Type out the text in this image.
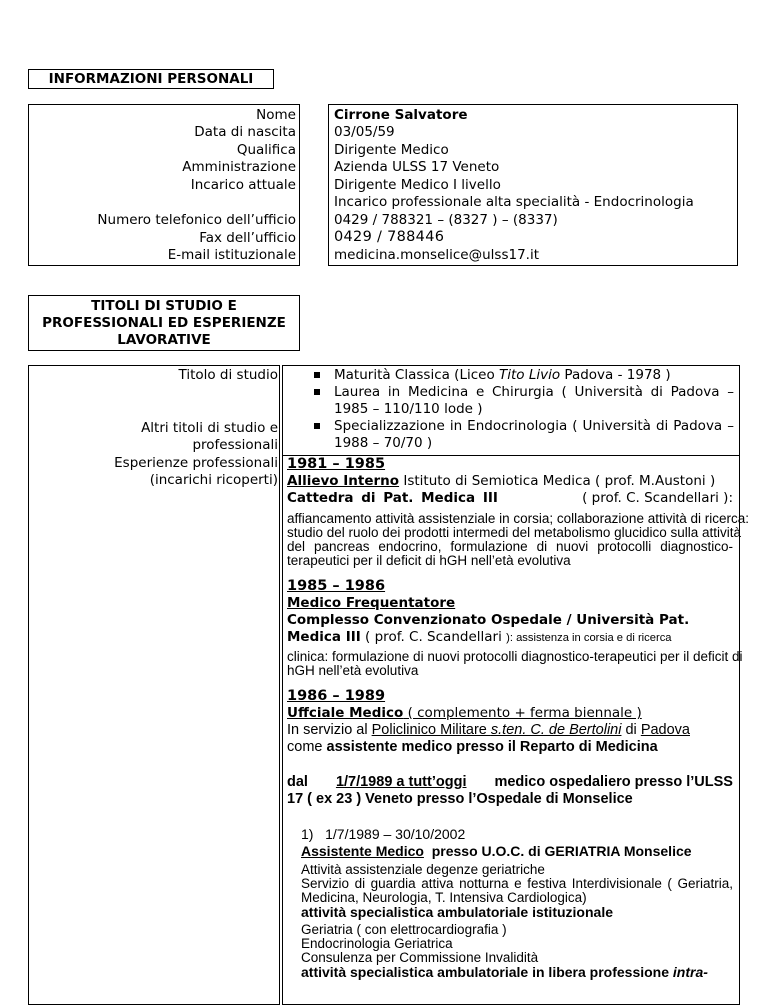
INFORMAZIONI PERSONALI
Nome
Data di nascita
Qualifica
Amministrazione
Incarico attuale
Numero telefonico dell’ufficio
Fax dell’ufficio
E-mail istituzionale
Cirrone Salvatore
03/05/59
Dirigente Medico
Azienda ULSS 17 Veneto
Dirigente Medico I livello
Incarico professionale alta specialità - Endocrinologia
0429 / 788321 – (8327 ) – (8337)
0429 / 788446
medicina.monselice@ulss17.it
TITOLI DI STUDIO E
PROFESSIONALI ED ESPERIENZE
LAVORATIVE
Titolo di studio
Altri titoli di studio e
professionali
Esperienze professionali
(incarichi ricoperti)
Maturità Classica (Liceo Tito Livio Padova - 1978 )
Laurea in Medicina e Chirurgia ( Università di Padova –
1985 – 110/110 lode )
Specializzazione in Endocrinologia ( Università di Padova –
1988 – 70/70 )
1981 – 1985
Allievo Interno Istituto di Semiotica Medica ( prof. M.Austoni )
Cattedra di Pat. Medica III	( prof. C. Scandellari ):
affiancamento attività assistenziale in corsia; collaborazione attività di ricerca:
studio del ruolo dei prodotti intermedi del metabolismo glucidico sulla attività
del pancreas endocrino, formulazione di nuovi protocolli diagnostico-
terapeutici per il deficit di hGH nell’età evolutiva
1985 – 1986
Medico Frequentatore
Complesso Convenzionato Ospedale / Università Pat.
Medica III ( prof. C. Scandellari ): assistenza in corsia e di ricerca
clinica: formulazione di nuovi protocolli diagnostico-terapeutici per il deficit di
hGH nell’età evolutiva
1986 – 1989
Uffciale Medico ( complemento + ferma biennale )
In servizio al Policlinico Militare s.ten. C. de Bertolini di Padova
come assistente medico presso il Reparto di Medicina
dal 1/7/1989 a tutt’oggi medico ospedaliero presso l’ULSS
17 ( ex 23 ) Veneto presso l’Ospedale di Monselice
1)   1/7/1989 – 30/10/2002
Assistente Medico  presso U.O.C. di GERIATRIA Monselice
Attività assistenziale degenze geriatriche
Servizio di guardia attiva notturna e festiva Interdivisionale ( Geriatria,
Medicina, Neurologia, T. Intensiva Cardiologica)
attività specialistica ambulatoriale istituzionale
Geriatria ( con elettrocardiografia )
Endocrinologia Geriatrica
Consulenza per Commissione Invalidità
attività specialistica ambulatoriale in libera professione intra-
